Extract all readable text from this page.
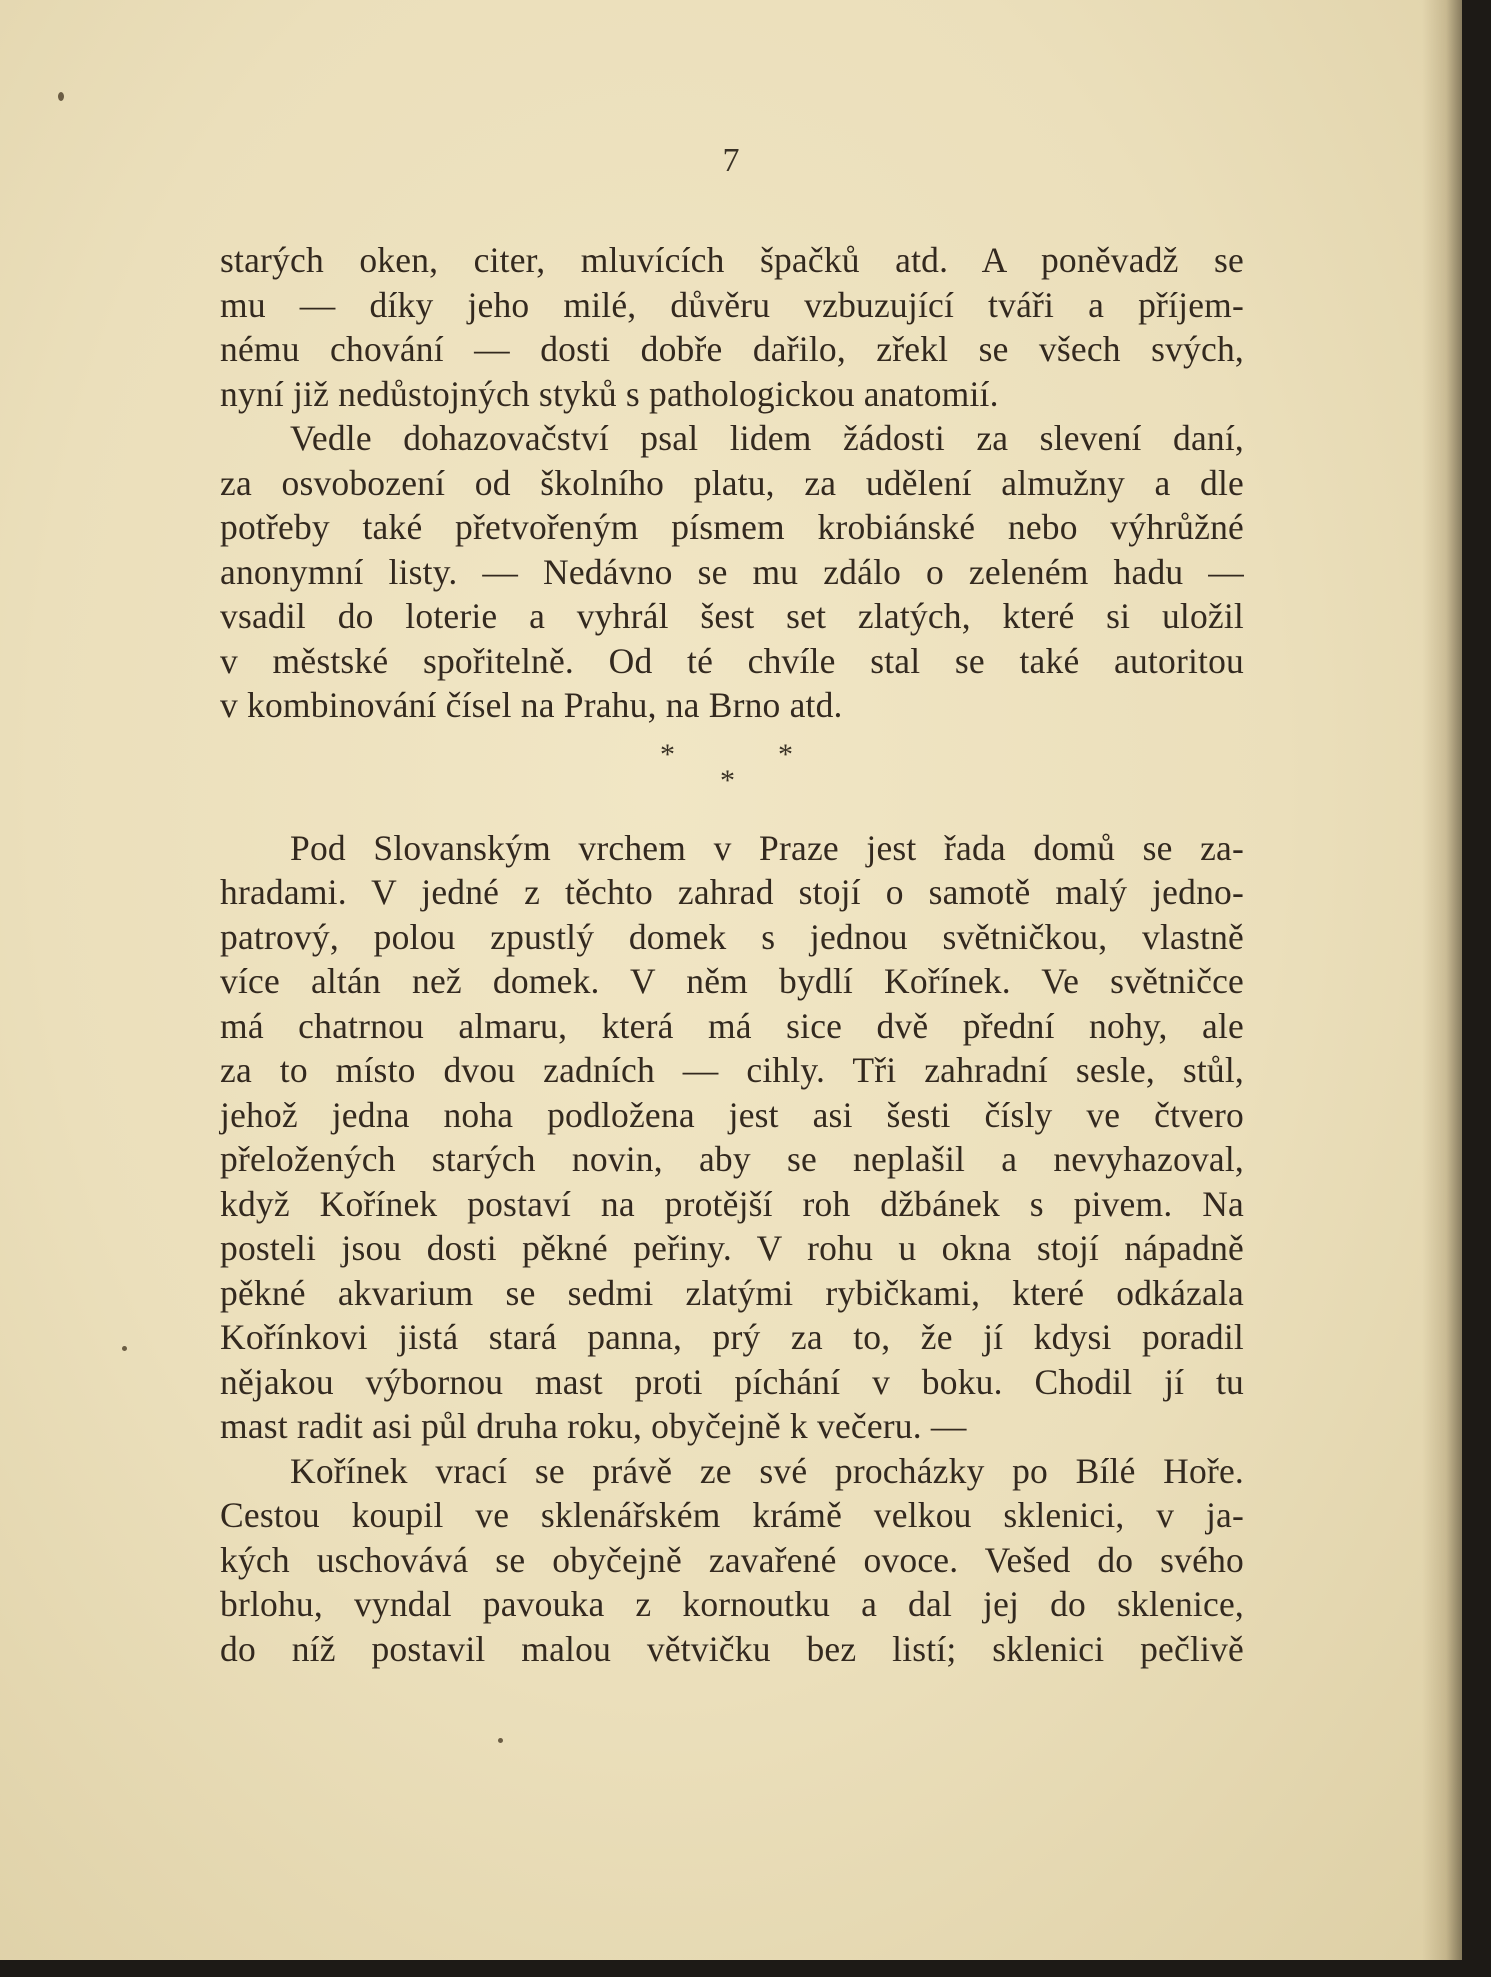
7
starých oken, citer, mluvících špačků atd. A poněvadž se
mu — díky jeho milé, důvěru vzbuzující tváři a příjem-
nému chování — dosti dobře dařilo, zřekl se všech svých,
nyní již nedůstojných styků s pathologickou anatomií.
Vedle dohazovačství psal lidem žádosti za slevení daní,
za osvobození od školního platu, za udělení almužny a dle
potřeby také přetvořeným písmem krobiánské nebo výhrůžné
anonymní listy. — Nedávno se mu zdálo o zeleném hadu —
vsadil do loterie a vyhrál šest set zlatých, které si uložil
v městské spořitelně. Od té chvíle stal se také autoritou
v kombinování čísel na Prahu, na Brno atd.
*	*
*
Pod Slovanským vrchem v Praze jest řada domů se za-
hradami. V jedné z těchto zahrad stojí o samotě malý jedno-
patrový, polou zpustlý domek s jednou světničkou, vlastně
více altán než domek. V něm bydlí Kořínek. Ve světničce
má chatrnou almaru, která má sice dvě přední nohy, ale
za to místo dvou zadních — cihly. Tři zahradní sesle, stůl,
jehož jedna noha podložena jest asi šesti čísly ve čtvero
přeložených starých novin, aby se neplašil a nevyhazoval,
když Kořínek postaví na protější roh džbánek s pivem. Na
posteli jsou dosti pěkné peřiny. V rohu u okna stojí nápadně
pěkné akvarium se sedmi zlatými rybičkami, které odkázala
Kořínkovi jistá stará panna, prý za to, že jí kdysi poradil
nějakou výbornou mast proti píchání v boku. Chodil jí tu
mast radit asi půl druha roku, obyčejně k večeru. —
Kořínek vrací se právě ze své procházky po Bílé Hoře.
Cestou koupil ve sklenářském krámě velkou sklenici, v ja-
kých uschovává se obyčejně zavařené ovoce. Vešed do svého
brlohu, vyndal pavouka z kornoutku a dal jej do sklenice,
do níž postavil malou větvičku bez listí; sklenici pečlivě
